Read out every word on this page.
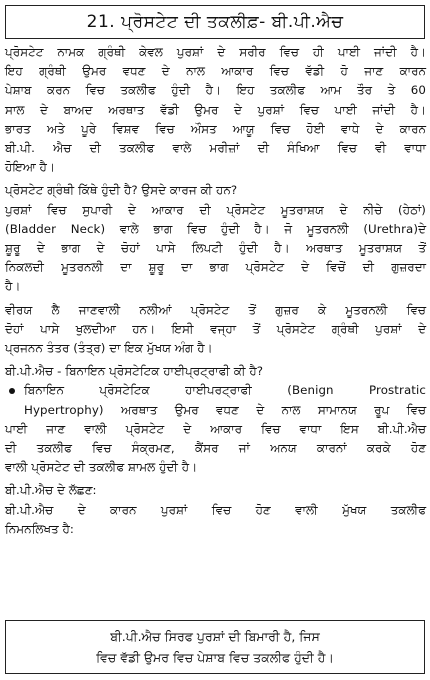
21. ਪ੍ਰੋਸਟੇਟ ਦੀ ਤਕਲੀਫ਼- ਬੀ.ਪੀ.ਐਚ
ਪ੍ਰੋਸਟੇਟ ਨਾਮਕ ਗ੍ਰੰਥੀ ਕੇਵਲ ਪੁਰਸ਼ਾਂ ਦੇ ਸਰੀਰ ਵਿਚ ਹੀ ਪਾਈ ਜਾਂਦੀ ਹੈ।
ਇਹ ਗ੍ਰੰਥੀ ਉਮਰ ਵਧਣ ਦੇ ਨਾਲ ਆਕਾਰ ਵਿਚ ਵੱਡੀ ਹੋ ਜਾਣ ਕਾਰਨ
ਪੇਸ਼ਾਬ ਕਰਨ ਵਿਚ ਤਕਲੀਫ ਹੁੰਦੀ ਹੈ। ਇਹ ਤਕਲੀਫ ਆਮ ਤੌਰ ਤੇ 60
ਸਾਲ ਦੇ ਬਾਅਦ ਅਰਥਾਤ ਵੱਡੀ ਉਮਰ ਦੇ ਪੁਰਸ਼ਾਂ ਵਿਚ ਪਾਈ ਜਾਂਦੀ ਹੈ।
ਭਾਰਤ ਅਤੇ ਪੂਰੇ ਵਿਸ਼ਵ ਵਿਚ ਔਸਤ ਆਯੂ ਵਿਚ ਹੋਈ ਵਾਧੇ ਦੇ ਕਾਰਨ
ਬੀ.ਪੀ. ਐਚ ਦੀ ਤਕਲੀਫ ਵਾਲੇ ਮਰੀਜ਼ਾਂ ਦੀ ਸੰਖਿਆ ਵਿਚ ਵੀ ਵਾਧਾ
ਹੋਇਆ ਹੈ।
ਪ੍ਰੋਸਟੇਟ ਗ੍ਰੰਥੀ ਕਿੱਥੇ ਹੁੰਦੀ ਹੈ? ਉਸਦੇ ਕਾਰਜ ਕੀ ਹਨ?
ਪੁਰਸ਼ਾਂ ਵਿਚ ਸੁਪਾਰੀ ਦੇ ਆਕਾਰ ਦੀ ਪ੍ਰੋਸਟੇਟ ਮੂਤਰਾਸ਼ਯ ਦੇ ਨੀਚੇ (ਹੇਠਾਂ)
(Bladder Neck) ਵਾਲੇ ਭਾਗ ਵਿਚ ਹੁੰਦੀ ਹੈ। ਜੋ ਮੂਤਰਨਲੀ (Urethra)ਦੇ
ਸ਼ੂਰੂ ਦੇ ਭਾਗ ਦੇ ਚੋਹਾਂ ਪਾਸੇ ਲਿਪਟੀ ਹੁੰਦੀ ਹੈ। ਅਰਥਾਤ ਮੂਤਰਾਸ਼ਯ ਤੋਂ
ਨਿਕਲਦੀ ਮੂਤਰਨਲੀ ਦਾ ਸ਼ੂਰੂ ਦਾ ਭਾਗ ਪ੍ਰੋਸਟੇਟ ਦੇ ਵਿਚੋਂ ਦੀ ਗੁਜ਼ਰਦਾ
ਹੈ।
ਵੀਰਯ ਲੈ ਜਾਣਵਾਲੀ ਨਲੀਆਂ ਪ੍ਰੋਸਟੇਟ ਤੋਂ ਗੁਜ਼ਰ ਕੇ ਮੂਤਰਨਲੀ ਵਿਚ
ਦੋਹਾਂ ਪਾਸੇ ਖੁਲਦੀਆ ਹਨ। ਇਸੀ ਵਜ੍ਹਾ ਤੋਂ ਪ੍ਰੋਸਟੇਟ ਗ੍ਰੰਥੀ ਪੁਰਸ਼ਾਂ ਦੇ
ਪ੍ਰਜਨਨ ਤੰਤਰ (ਤੰਤ੍ਰ) ਦਾ ਇਕ ਮੁੱਖਯ ਅੰਗ ਹੈ।
ਬੀ.ਪੀ.ਐਚ - ਬਿਨਾਇਨ ਪ੍ਰੋਸਟੇਟਿਕ ਹਾਈਪ੍ਰਟ੍ਰਾਫੀ ਕੀ ਹੈ?
ਬਿਨਾਇਨ ਪ੍ਰੋਸਟੇਟਿਕ ਹਾਈਪਰਟ੍ਰਾਫੀ (Benign Prostratic
Hypertrophy) ਅਰਥਾਤ ਉਮਰ ਵਧਣ ਦੇ ਨਾਲ ਸਾਮਾਨਯ ਰੂਪ ਵਿਚ
ਪਾਈ ਜਾਣ ਵਾਲੀ ਪ੍ਰੋਸਟੇਟ ਦੇ ਆਕਾਰ ਵਿਚ ਵਾਧਾ ਇਸ ਬੀ.ਪੀ.ਐਚ
ਦੀ ਤਕਲੀਫ ਵਿਚ ਸੰਕ੍ਰਮਣ, ਕੈਂਸਰ ਜਾਂ ਅਨਯ ਕਾਰਨਾਂ ਕਰਕੇ ਹੋਣ
ਵਾਲੀ ਪ੍ਰੋਸਟੇਟ ਦੀ ਤਕਲੀਫ ਸ਼ਾਮਲ ਹੁੰਦੀ ਹੈ।
ਬੀ.ਪੀ.ਐਚ ਦੇ ਲੱਛਣ:
ਬੀ.ਪੀ.ਐਚ ਦੇ ਕਾਰਨ ਪੁਰਸ਼ਾਂ ਵਿਚ ਹੋਣ ਵਾਲੀ ਮੁੱਖਯ ਤਕਲੀਫ
ਨਿਮਨਲਿਖਤ ਹੈ:
ਬੀ.ਪੀ.ਐਚ ਸਿਰਫ ਪੁਰਸ਼ਾਂ ਦੀ ਬਿਮਾਰੀ ਹੈ, ਜਿਸ
ਵਿਚ ਵੱਡੀ ਉਮਰ ਵਿਚ ਪੇਸ਼ਾਬ ਵਿਚ ਤਕਲੀਫ ਹੁੰਦੀ ਹੈ।
